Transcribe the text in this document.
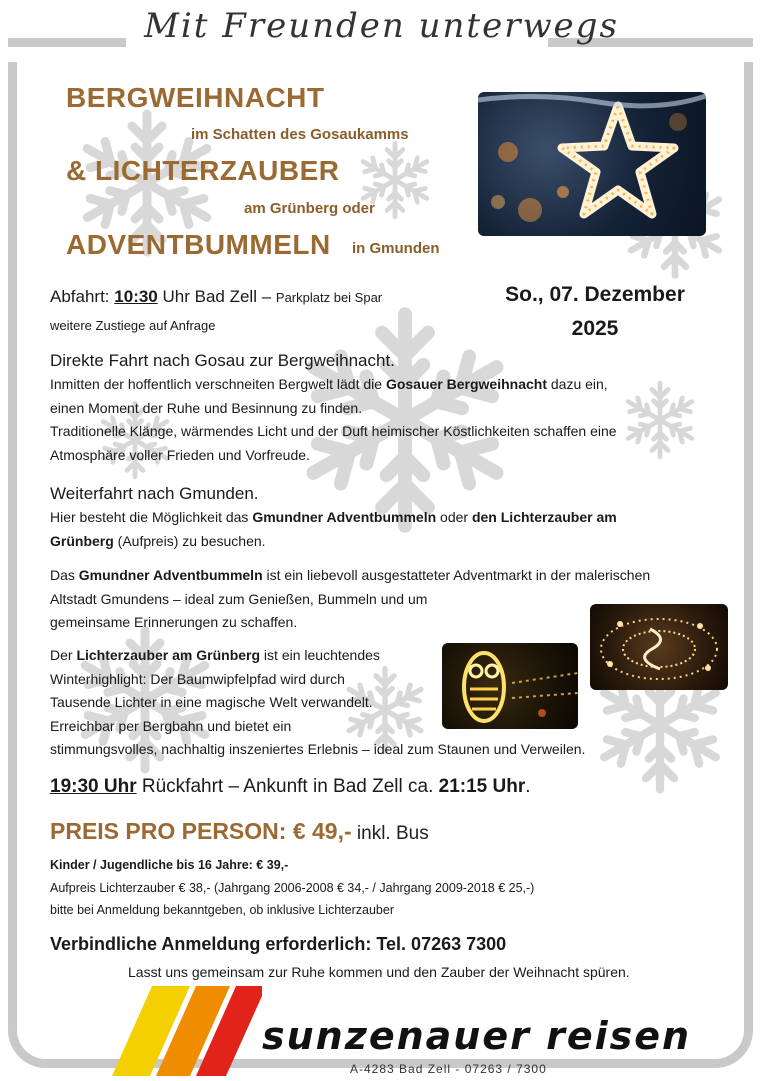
Mit Freunden unterwegs
BERGWEIHNACHT
im Schatten des Gosaukamms
& LICHTERZAUBER
am Grünberg oder
ADVENTBUMMELN in Gmunden
Abfahrt: 10:30 Uhr Bad Zell – Parkplatz bei Spar
weitere Zustiege auf Anfrage
So., 07. Dezember
2025
Direkte Fahrt nach Gosau zur Bergweihnacht.
Inmitten der hoffentlich verschneiten Bergwelt lädt die Gosauer Bergweihnacht dazu ein,
einen Moment der Ruhe und Besinnung zu finden.
Traditionelle Klänge, wärmendes Licht und der Duft heimischer Köstlichkeiten schaffen eine
Atmosphäre voller Frieden und Vorfreude.
Weiterfahrt nach Gmunden.
Hier besteht die Möglichkeit das Gmundner Adventbummeln oder den Lichterzauber am
Grünberg (Aufpreis) zu besuchen.
Das Gmundner Adventbummeln ist ein liebevoll ausgestatteter Adventmarkt in der malerischen
Altstadt Gmundens – ideal zum Genießen, Bummeln und um
gemeinsame Erinnerungen zu schaffen.
Der Lichterzauber am Grünberg ist ein leuchtendes
Winterhighlight: Der Baumwipfelpfad wird durch
Tausende Lichter in eine magische Welt verwandelt.
Erreichbar per Bergbahn und bietet ein
stimmungsvolles, nachhaltig inszeniertes Erlebnis – ideal zum Staunen und Verweilen.
19:30 Uhr Rückfahrt – Ankunft in Bad Zell ca. 21:15 Uhr.
PREIS PRO PERSON: € 49,- inkl. Bus
Kinder / Jugendliche bis 16 Jahre: € 39,-
Aufpreis Lichterzauber € 38,- (Jahrgang 2006-2008 € 34,- / Jahrgang 2009-2018 € 25,-)
bitte bei Anmeldung bekanntgeben, ob inklusive Lichterzauber
Verbindliche Anmeldung erforderlich: Tel. 07263 7300
Lasst uns gemeinsam zur Ruhe kommen und den Zauber der Weihnacht spüren.
sunzenauer reisen
A-4283 Bad Zell - 07263 / 7300
